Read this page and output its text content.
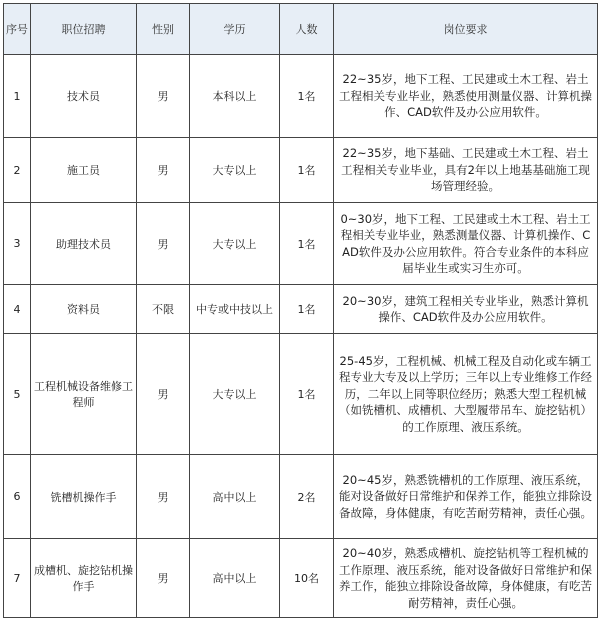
序号	职位招聘	性别	学历	人数	岗位要求
1	技术员	男	本科以上	1名	22~35岁，地下工程、工民建或土木工程、岩土工程相关专业毕业，熟悉使用测量仪器、计算机操作、CAD软件及办公应用软件。
2	施工员	男	大专以上	1名	22~35岁，地下基础、工民建或土木工程、岩土工程相关专业毕业，具有2年以上地基基础施工现场管理经验。
3	助理技术员	男	大专以上	1名	0~30岁，地下工程、工民建或土木工程、岩土工程相关专业毕业，熟悉测量仪器、计算机操作、CAD软件及办公应用软件。符合专业条件的本科应届毕业生或实习生亦可。
4	资料员	不限	中专或中技以上	1名	20~30岁，建筑工程相关专业毕业，熟悉计算机操作、CAD软件及办公应用软件。
5	工程机械设备维修工程师	男	大专以上	1名	25-45岁，工程机械、机械工程及自动化或车辆工程专业大专及以上学历；三年以上专业维修工作经历，二年以上同等职位经历；熟悉大型工程机械（如铣槽机、成槽机、大型履带吊车、旋挖钻机）的工作原理、液压系统。
6	铣槽机操作手	男	高中以上	2名	20~45岁，熟悉铣槽机的工作原理、液压系统，能对设备做好日常维护和保养工作，能独立排除设备故障，身体健康，有吃苦耐劳精神，责任心强。
7	成槽机、旋挖钻机操作手	男	高中以上	10名	20~40岁，熟悉成槽机、旋挖钻机等工程机械的工作原理、液压系统，能对设备做好日常维护和保养工作，能独立排除设备故障，身体健康，有吃苦耐劳精神，责任心强。
